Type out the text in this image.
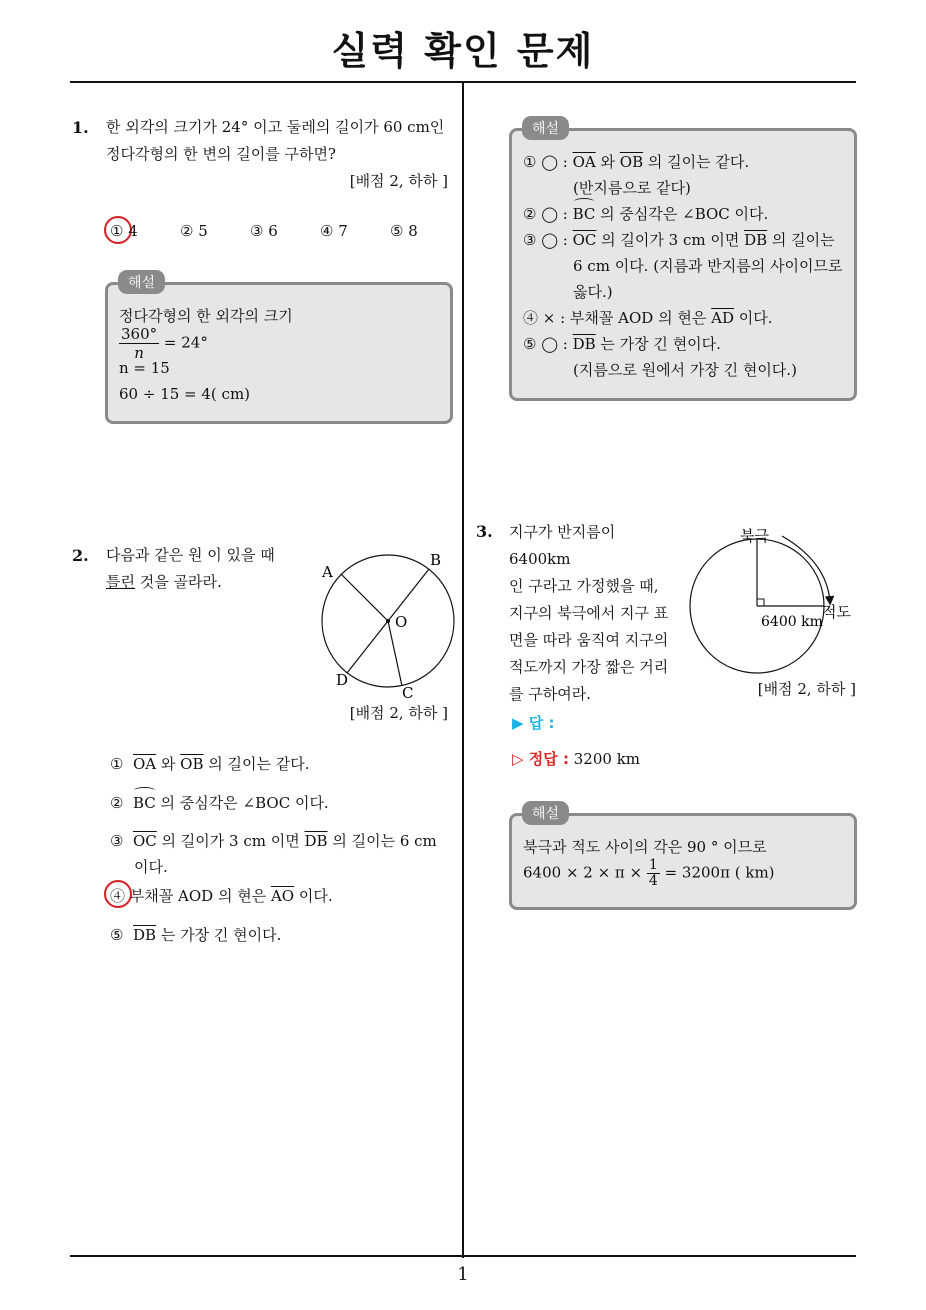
실력 확인 문제
1
1. 한 외각의 크기가 24° 이고 둘레의 길이가 60 cm인
정다각형의 한 변의 길이를 구하면?
[배점 2, 하하 ]
① 4	② 5	③ 6	④ 7	⑤ 8
정다각형의 한 외각의 크기
$\frac{360^\circ}{n} = 24^\circ$
n = 15
60 ÷ 15 = 4( cm)
해설
2. 다음과 같은 원 이 있을 때
틀린 것을 골라라.
A
B
O
D
C
[배점 2, 하하 ]
① $\overline{OA}$ 와 $\overline{OB}$ 의 길이는 같다.
② BC 의 중심각은 ∠BOC 이다.
③ $\overline{OC}$ 의 길이가 3 cm 이면 $\overline{DB}$ 의 길이는 6 cm
이다.
④ 부채꼴 AOD 의 현은 $\overline{AO}$ 이다.
⑤ $\overline{DB}$ 는 가장 긴 현이다.
① ◯ : $\overline{OA}$ 와 $\overline{OB}$ 의 길이는 같다.
(반지름으로 같다)
② ◯ : BC 의 중심각은 ∠BOC 이다.
③ ◯ : $\overline{OC}$ 의 길이가 3 cm 이면 $\overline{DB}$ 의 길이는
6 cm 이다. (지름과 반지름의 사이이므로
옳다.)
④ × : 부채꼴 AOD 의 현은 $\overline{AD}$ 이다.
⑤ ◯ : $\overline{DB}$ 는 가장 긴 현이다.
(지름으로 원에서 가장 긴 현이다.)
해설
3. 지구가 반지름이 6400km
인 구라고 가정했을 때,
지구의 북극에서 지구 표
면을 따라 움직여 지구의
적도까지 가장 짧은 거리
를 구하여라.
북극
6400 km
적도
[배점 2, 하하 ]
▶ 답 :
▷ 정답 : 3200 km
북극과 적도 사이의 각은 90 ° 이므로
$6400 \times 2 \times \pi \times \frac{1}{4} = 3200\pi$ ( km)
해설
